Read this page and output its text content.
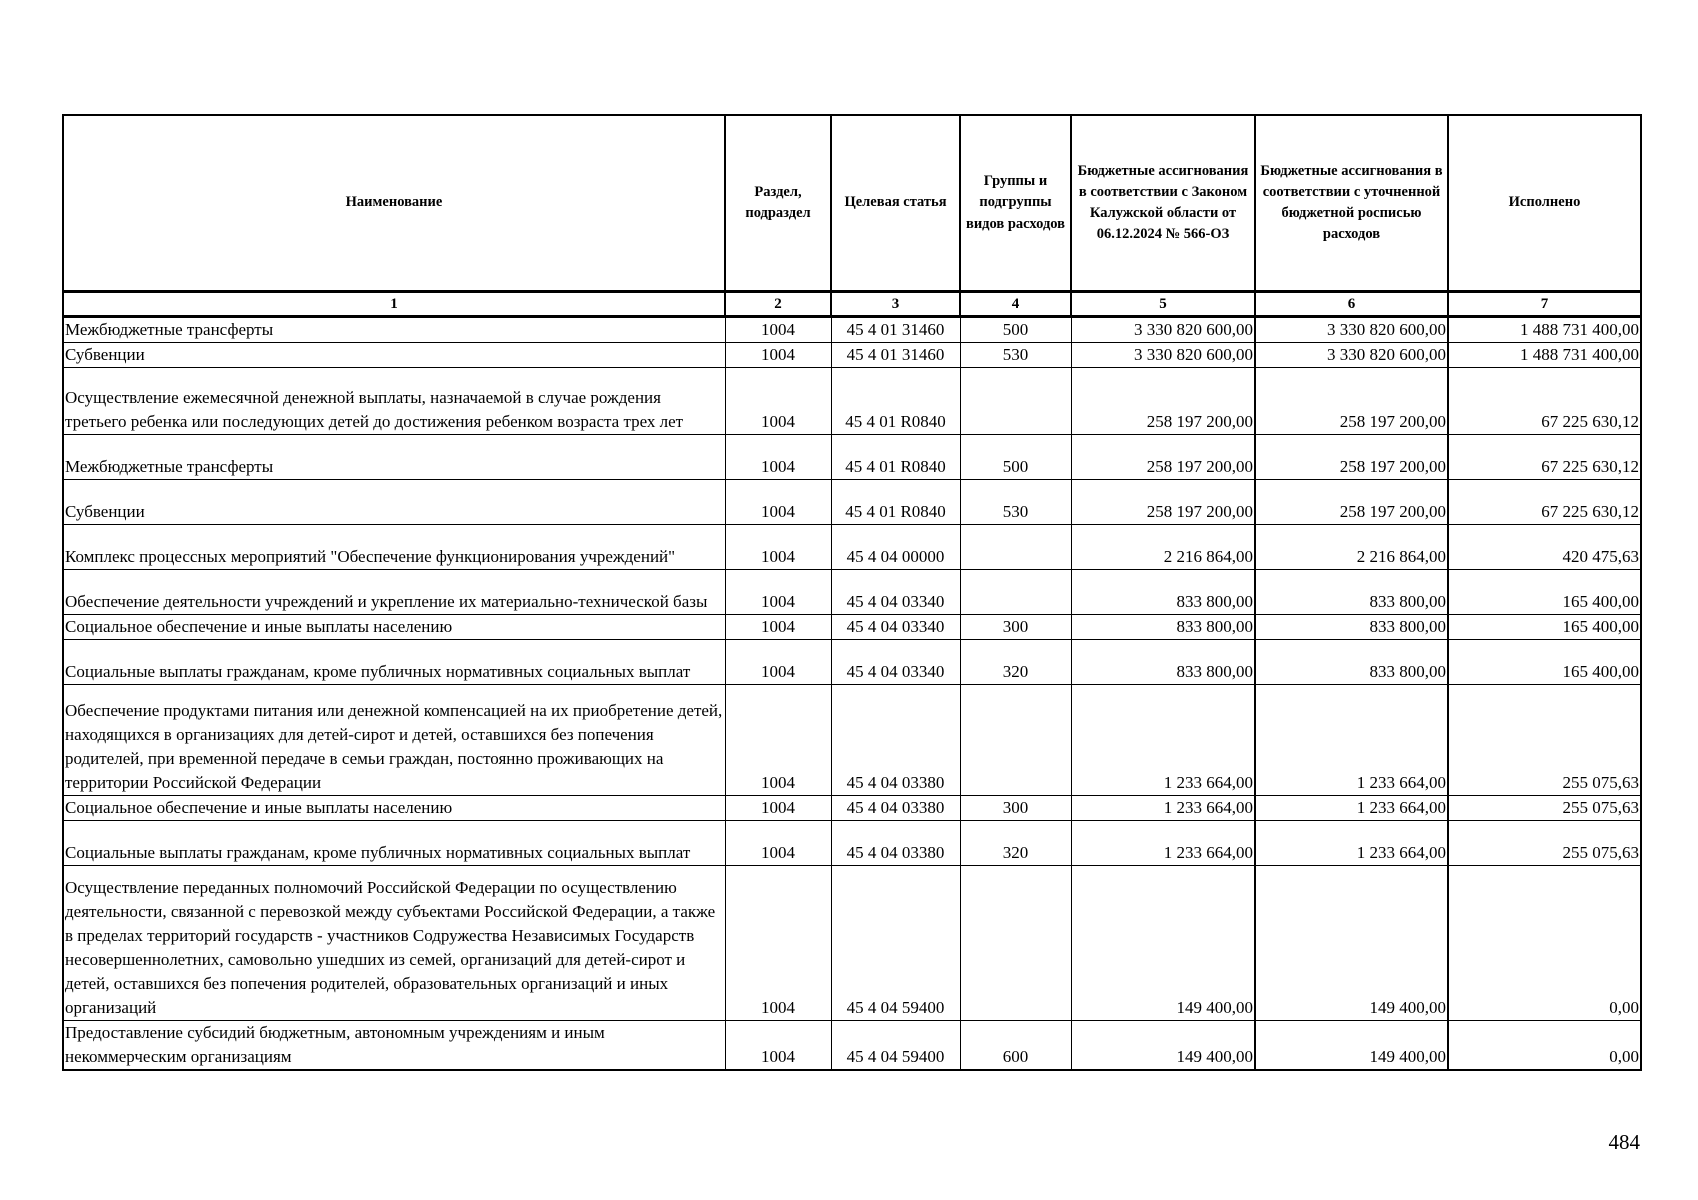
Наименование	Раздел, подраздел	Целевая статья	Группы и подгруппы видов расходов	Бюджетные ассигнования в соответствии с Законом Калужской области от 06.12.2024 № 566-ОЗ	Бюджетные ассигнования в соответствии с уточненной бюджетной росписью расходов	Исполнено
1	2	3	4	5	6	7
Межбюджетные трансферты	1004	45 4 01 31460	500	3 330 820 600,00	3 330 820 600,00	1 488 731 400,00
Субвенции	1004	45 4 01 31460	530	3 330 820 600,00	3 330 820 600,00	1 488 731 400,00
Осуществление ежемесячной денежной выплаты, назначаемой в случае рождения третьего ребенка или последующих детей до достижения ребенком возраста трех лет	1004	45 4 01 R0840		258 197 200,00	258 197 200,00	67 225 630,12
Межбюджетные трансферты	1004	45 4 01 R0840	500	258 197 200,00	258 197 200,00	67 225 630,12
Субвенции	1004	45 4 01 R0840	530	258 197 200,00	258 197 200,00	67 225 630,12
Комплекс процессных мероприятий "Обеспечение функционирования учреждений"	1004	45 4 04 00000		2 216 864,00	2 216 864,00	420 475,63
Обеспечение деятельности учреждений и укрепление их материально-технической базы	1004	45 4 04 03340		833 800,00	833 800,00	165 400,00
Социальное обеспечение и иные выплаты населению	1004	45 4 04 03340	300	833 800,00	833 800,00	165 400,00
Социальные выплаты гражданам, кроме публичных нормативных социальных выплат	1004	45 4 04 03340	320	833 800,00	833 800,00	165 400,00
Обеспечение продуктами питания или денежной компенсацией на их приобретение детей, находящихся в организациях для детей-сирот и детей, оставшихся без попечения родителей, при временной передаче в семьи граждан, постоянно проживающих на территории Российской Федерации	1004	45 4 04 03380		1 233 664,00	1 233 664,00	255 075,63
Социальное обеспечение и иные выплаты населению	1004	45 4 04 03380	300	1 233 664,00	1 233 664,00	255 075,63
Социальные выплаты гражданам, кроме публичных нормативных социальных выплат	1004	45 4 04 03380	320	1 233 664,00	1 233 664,00	255 075,63
Осуществление переданных полномочий Российской Федерации по осуществлению деятельности, связанной с перевозкой между субъектами Российской Федерации, а также в пределах территорий государств - участников Содружества Независимых Государств несовершеннолетних, самовольно ушедших из семей, организаций для детей-сирот и детей, оставшихся без попечения родителей, образовательных организаций и иных организаций	1004	45 4 04 59400		149 400,00	149 400,00	0,00
Предоставление субсидий бюджетным, автономным учреждениям и иным некоммерческим организациям	1004	45 4 04 59400	600	149 400,00	149 400,00	0,00
484
